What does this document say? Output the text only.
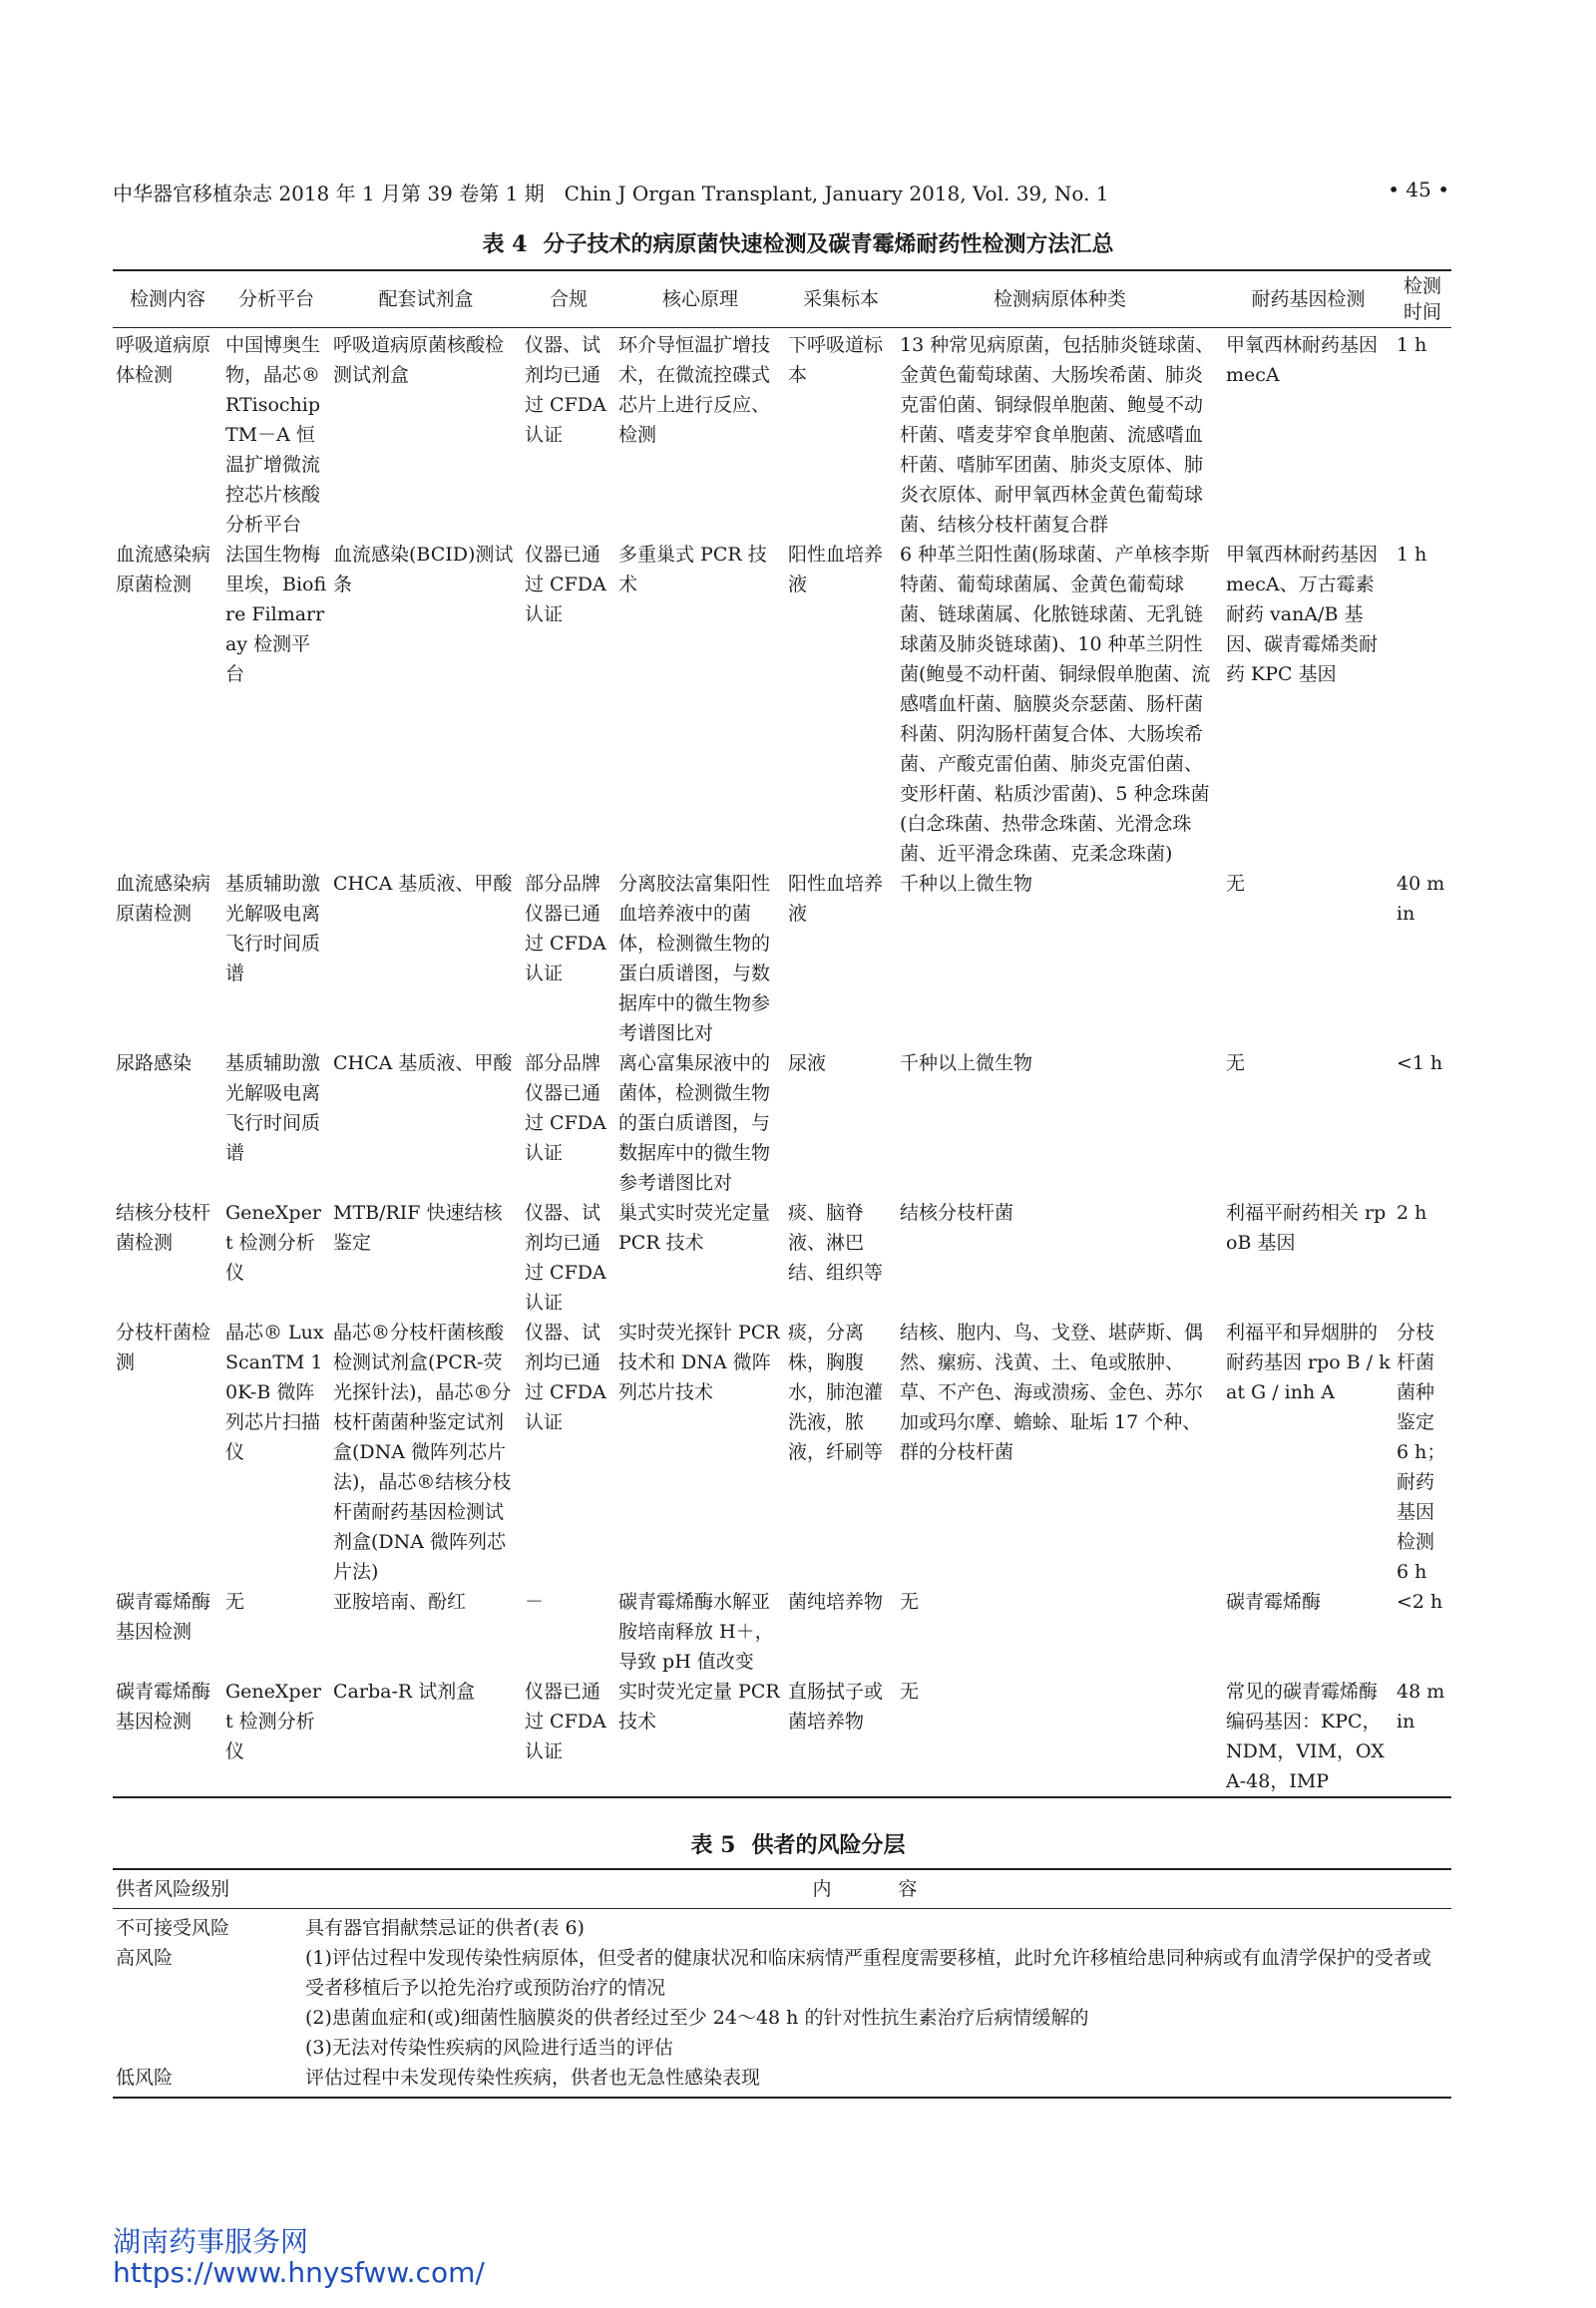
中华器官移植杂志 2018 年 1 月第 39 卷第 1 期　Chin J Organ Transplant, January 2018, Vol. 39, No. 1	• 45 •
表 4 分子技术的病原菌快速检测及碳青霉烯耐药性检测方法汇总
检测内容	分析平台	配套试剂盒	合规	核心原理	采集标本	检测病原体种类	耐药基因检测	检测时间
呼吸道病原体检测	中国博奥生物，晶芯® RTisochipTM－A 恒温扩增微流控芯片核酸分析平台	呼吸道病原菌核酸检测试剂盒	仪器、试剂均已通过 CFDA 认证	环介导恒温扩增技术，在微流控碟式芯片上进行反应、检测	下呼吸道标本	13 种常见病原菌，包括肺炎链球菌、金黄色葡萄球菌、大肠埃希菌、肺炎克雷伯菌、铜绿假单胞菌、鲍曼不动杆菌、嗜麦芽窄食单胞菌、流感嗜血杆菌、嗜肺军团菌、肺炎支原体、肺炎衣原体、耐甲氧西林金黄色葡萄球菌、结核分枝杆菌复合群	甲氧西林耐药基因 mecA	1 h
血流感染病原菌检测	法国生物梅里埃，Biofire Filmarray 检测平台	血流感染(BCID)测试条	仪器已通过 CFDA 认证	多重巢式 PCR 技术	阳性血培养液	6 种革兰阳性菌(肠球菌、产单核李斯特菌、葡萄球菌属、金黄色葡萄球菌、链球菌属、化脓链球菌、无乳链球菌及肺炎链球菌)、10 种革兰阴性菌(鲍曼不动杆菌、铜绿假单胞菌、流感嗜血杆菌、脑膜炎奈瑟菌、肠杆菌科菌、阴沟肠杆菌复合体、大肠埃希菌、产酸克雷伯菌、肺炎克雷伯菌、变形杆菌、粘质沙雷菌)、5 种念珠菌(白念珠菌、热带念珠菌、光滑念珠菌、近平滑念珠菌、克柔念珠菌)	甲氧西林耐药基因 mecA、万古霉素耐药 vanA/B 基因、碳青霉烯类耐药 KPC 基因	1 h
血流感染病原菌检测	基质辅助激光解吸电离飞行时间质谱	CHCA 基质液、甲酸	部分品牌仪器已通过 CFDA 认证	分离胶法富集阳性血培养液中的菌体，检测微生物的蛋白质谱图，与数据库中的微生物参考谱图比对	阳性血培养液	千种以上微生物	无	40 min
尿路感染	基质辅助激光解吸电离飞行时间质谱	CHCA 基质液、甲酸	部分品牌仪器已通过 CFDA 认证	离心富集尿液中的菌体，检测微生物的蛋白质谱图，与数据库中的微生物参考谱图比对	尿液	千种以上微生物	无	<1 h
结核分枝杆菌检测	GeneXpert 检测分析仪	MTB/RIF 快速结核鉴定	仪器、试剂均已通过 CFDA 认证	巢式实时荧光定量 PCR 技术	痰、脑脊液、淋巴结、组织等	结核分枝杆菌	利福平耐药相关 rpoB 基因	2 h
分枝杆菌检测	晶芯® LuxScanTM 10K-B 微阵列芯片扫描仪	晶芯®分枝杆菌核酸检测试剂盒(PCR-荧光探针法)，晶芯®分枝杆菌菌种鉴定试剂盒(DNA 微阵列芯片法)，晶芯®结核分枝杆菌耐药基因检测试剂盒(DNA 微阵列芯片法)	仪器、试剂均已通过 CFDA 认证	实时荧光探针 PCR 技术和 DNA 微阵列芯片技术	痰，分离株，胸腹水，肺泡灌洗液，脓液，纤刷等	结核、胞内、鸟、戈登、堪萨斯、偶然、瘰疬、浅黄、土、龟或脓肿、草、不产色、海或溃疡、金色、苏尔加或玛尔摩、蟾蜍、耻垢 17 个种、群的分枝杆菌	利福平和异烟肼的耐药基因 rpo B / kat G / inh A	分枝杆菌菌种鉴定 6 h；耐药基因检测 6 h
碳青霉烯酶基因检测	无	亚胺培南、酚红	－	碳青霉烯酶水解亚胺培南释放 H＋，导致 pH 值改变	菌纯培养物	无	碳青霉烯酶	<2 h
碳青霉烯酶基因检测	GeneXpert 检测分析仪	Carba-R 试剂盒	仪器已通过 CFDA 认证	实时荧光定量 PCR 技术	直肠拭子或菌培养物	无	常见的碳青霉烯酶编码基因：KPC，NDM，VIM，OXA-48，IMP	48 min
表 5 供者的风险分层
供者风险级别	内　容
不可接受风险	具有器官捐献禁忌证的供者(表 6)
高风险	(1)评估过程中发现传染性病原体，但受者的健康状况和临床病情严重程度需要移植，此时允许移植给患同种病或有血清学保护的受者或受者移植后予以抢先治疗或预防治疗的情况
	(2)患菌血症和(或)细菌性脑膜炎的供者经过至少 24～48 h 的针对性抗生素治疗后病情缓解的
	(3)无法对传染性疾病的风险进行适当的评估
低风险	评估过程中未发现传染性疾病，供者也无急性感染表现
湖南药事服务网
https://www.hnysfww.com/
